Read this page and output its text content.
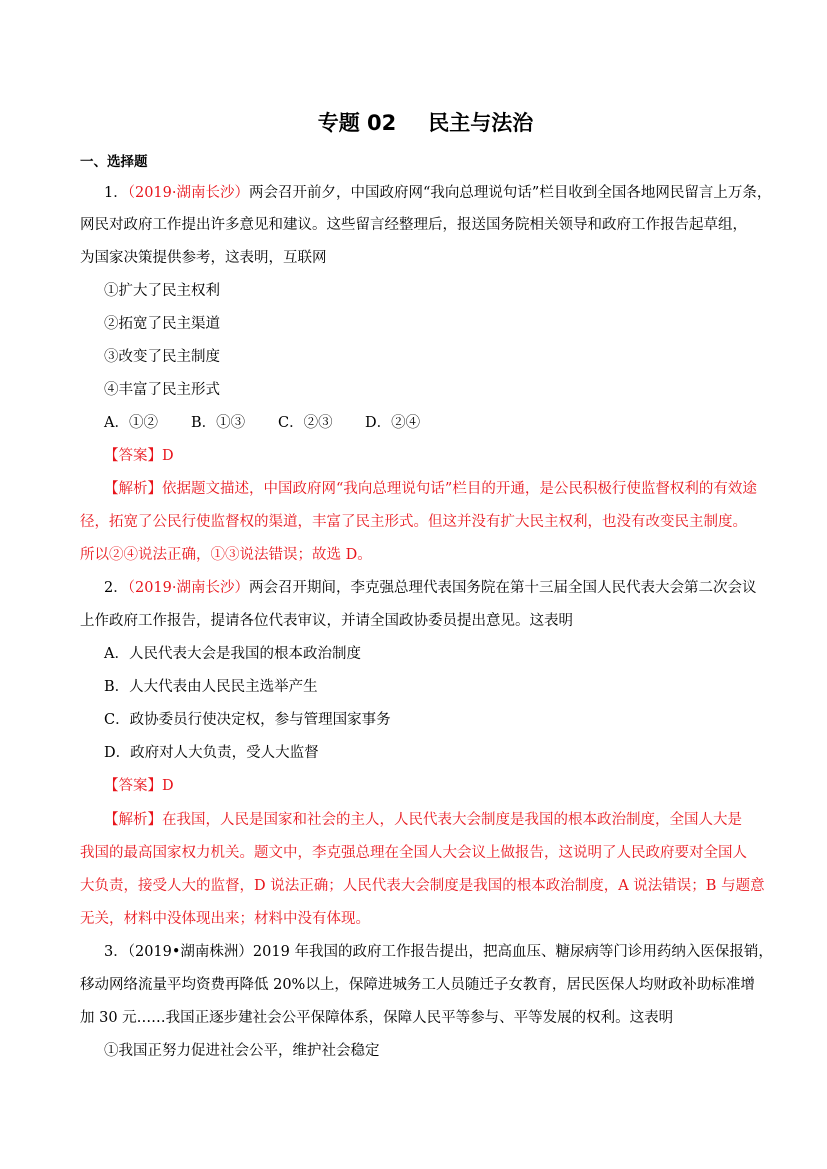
专题 02 民主与法治
一、选择题
1．（2019·湖南长沙）两会召开前夕，中国政府网“我向总理说句话”栏目收到全国各地网民留言上万条，
网民对政府工作提出许多意见和建议。这些留言经整理后，报送国务院相关领导和政府工作报告起草组，
为国家决策提供参考，这表明，互联网
①扩大了民主权利
②拓宽了民主渠道
③改变了民主制度
④丰富了民主形式
A．①② B．①③ C．②③ D．②④
【答案】D
【解析】依据题文描述，中国政府网“我向总理说句话”栏目的开通，是公民积极行使监督权利的有效途
径，拓宽了公民行使监督权的渠道，丰富了民主形式。但这并没有扩大民主权利，也没有改变民主制度。
所以②④说法正确，①③说法错误；故选 D。
2．（2019·湖南长沙）两会召开期间，李克强总理代表国务院在第十三届全国人民代表大会第二次会议
上作政府工作报告，提请各位代表审议，并请全国政协委员提出意见。这表明
A．人民代表大会是我国的根本政治制度
B．人大代表由人民民主选举产生
C．政协委员行使决定权，参与管理国家事务
D．政府对人大负责，受人大监督
【答案】D
【解析】在我国，人民是国家和社会的主人，人民代表大会制度是我国的根本政治制度，全国人大是
我国的最高国家权力机关。题文中，李克强总理在全国人大会议上做报告，这说明了人民政府要对全国人
大负责，接受人大的监督，D 说法正确；人民代表大会制度是我国的根本政治制度，A 说法错误；B 与题意
无关，材料中没体现出来；材料中没有体现。
3．（2019•湖南株洲）2019 年我国的政府工作报告提出，把高血压、糖尿病等门诊用药纳入医保报销，
移动网络流量平均资费再降低 20%以上，保障进城务工人员随迁子女教育，居民医保人均财政补助标准增
加 30 元……我国正逐步建社会公平保障体系，保障人民平等参与、平等发展的权利。这表明
①我国正努力促进社会公平，维护社会稳定
